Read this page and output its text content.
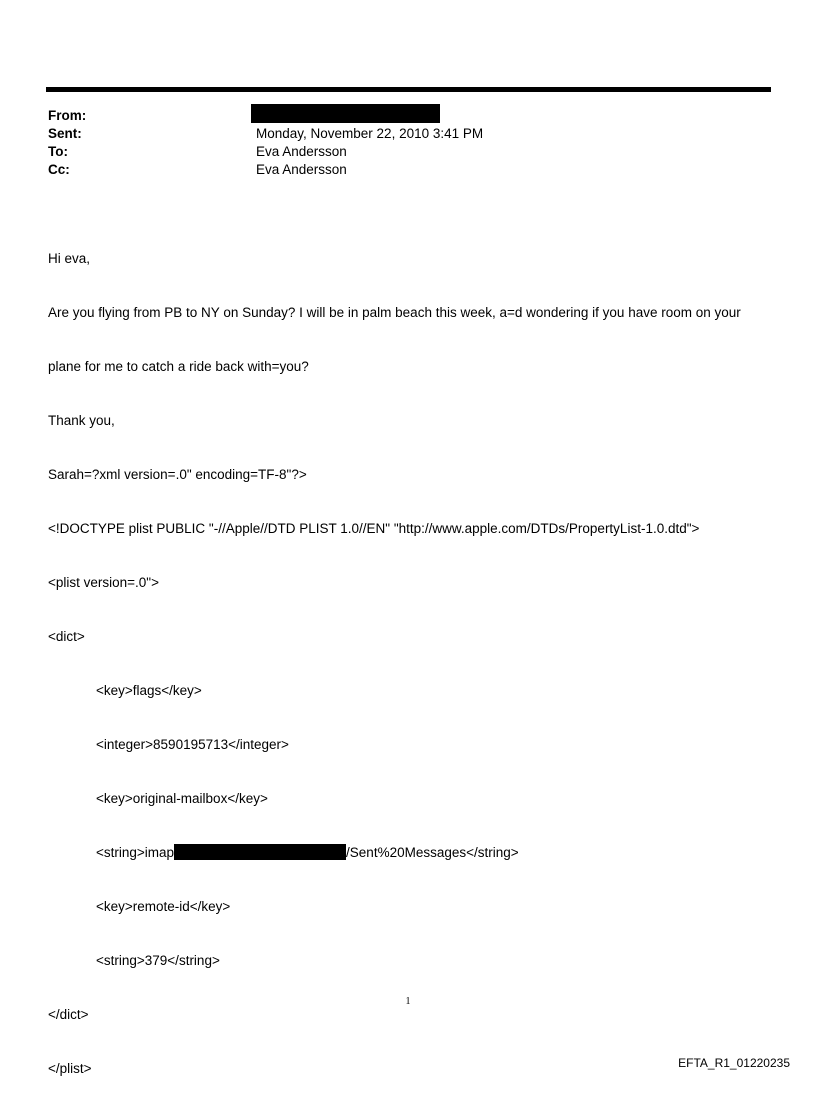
From:
Sent:	Monday, November 22, 2010 3:41 PM
To:	Eva Andersson
Cc:	Eva Andersson

Hi eva,

Are you flying from PB to NY on Sunday? I will be in palm beach this week, a=d wondering if you have room on your

plane for me to catch a ride back with=you?

Thank you,

Sarah=?xml version=.0" encoding=TF-8"?>

<!DOCTYPE plist PUBLIC "-//Apple//DTD PLIST 1.0//EN" "http://www.apple.com/DTDs/PropertyList-1.0.dtd">

<plist version=.0">

<dict>

<key>flags</key>

<integer>8590195713</integer>

<key>original-mailbox</key>

<string>imap	/Sent%20Messages</string>

<key>remote-id</key>

<string>379</string>

</dict>

</plist>

1
EFTA_R1_01220235
